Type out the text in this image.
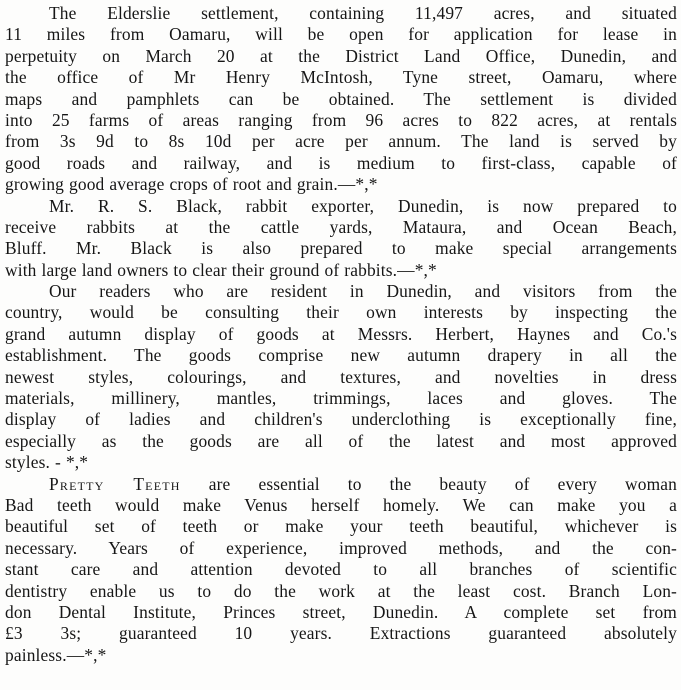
The Elderslie settlement, containing 11,497 acres, and situated
11 miles from Oamaru, will be open for application for lease in
perpetuity on March 20 at the District Land Office, Dunedin, and
the office of Mr Henry McIntosh, Tyne street, Oamaru, where
maps and pamphlets can be obtained. The settlement is divided
into 25 farms of areas ranging from 96 acres to 822 acres, at rentals
from 3s 9d to 8s 10d per acre per annum. The land is served by
good roads and railway, and is medium to first-class, capable of
growing good average crops of root and grain.—*,*
Mr. R. S. Black, rabbit exporter, Dunedin, is now prepared to
receive rabbits at the cattle yards, Mataura, and Ocean Beach,
Bluff. Mr. Black is also prepared to make special arrangements
with large land owners to clear their ground of rabbits.—*,*
Our readers who are resident in Dunedin, and visitors from the
country, would be consulting their own interests by inspecting the
grand autumn display of goods at Messrs. Herbert, Haynes and Co.'s
establishment. The goods comprise new autumn drapery in all the
newest styles, colourings, and textures, and novelties in dress
materials, millinery, mantles, trimmings, laces and gloves. The
display of ladies and children's underclothing is exceptionally fine,
especially as the goods are all of the latest and most approved
styles. - *,*
Pretty Teeth are essential to the beauty of every woman
Bad teeth would make Venus herself homely. We can make you a
beautiful set of teeth or make your teeth beautiful, whichever is
necessary. Years of experience, improved methods, and the con-
stant care and attention devoted to all branches of scientific
dentistry enable us to do the work at the least cost. Branch Lon-
don Dental Institute, Princes street, Dunedin. A complete set from
£3 3s; guaranteed 10 years. Extractions guaranteed absolutely
painless.—*,*
